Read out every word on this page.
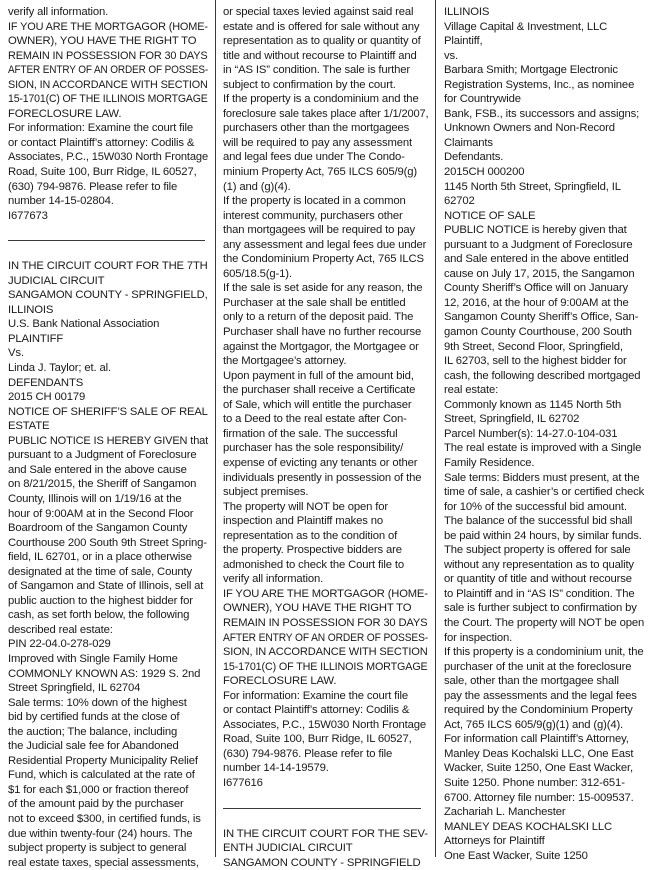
verify all information.
IF YOU ARE THE MORTGAGOR (HOME-
OWNER), YOU HAVE THE RIGHT TO
REMAIN IN POSSESSION FOR 30 DAYS
AFTER ENTRY OF AN ORDER OF POSSES-
SION, IN ACCORDANCE WITH SECTION
15-1701(C) OF THE ILLINOIS MORTGAGE
FORECLOSURE LAW.
For information: Examine the court file
or contact Plaintiff’s attorney: Codilis &
Associates, P.C., 15W030 North Frontage
Road, Suite 100, Burr Ridge, IL 60527,
(630) 794-9876. Please refer to file
number 14-15-02804.
I677673
IN THE CIRCUIT COURT FOR THE 7TH
JUDICIAL CIRCUIT
SANGAMON COUNTY - SPRINGFIELD,
ILLINOIS
U.S. Bank National Association
PLAINTIFF
Vs.
Linda J. Taylor; et. al.
DEFENDANTS
2015 CH 00179
NOTICE OF SHERIFF’S SALE OF REAL
ESTATE
PUBLIC NOTICE IS HEREBY GIVEN that
pursuant to a Judgment of Foreclosure
and Sale entered in the above cause
on 8/21/2015, the Sheriff of Sangamon
County, Illinois will on 1/19/16 at the
hour of 9:00AM at in the Second Floor
Boardroom of the Sangamon County
Courthouse 200 South 9th Street Spring-
field, IL 62701, or in a place otherwise
designated at the time of sale, County
of Sangamon and State of Illinois, sell at
public auction to the highest bidder for
cash, as set forth below, the following
described real estate:
PIN 22-04.0-278-029
Improved with Single Family Home
COMMONLY KNOWN AS: 1929 S. 2nd
Street Springfield, IL 62704
Sale terms: 10% down of the highest
bid by certified funds at the close of
the auction; The balance, including
the Judicial sale fee for Abandoned
Residential Property Municipality Relief
Fund, which is calculated at the rate of
$1 for each $1,000 or fraction thereof
of the amount paid by the purchaser
not to exceed $300, in certified funds, is
due within twenty-four (24) hours. The
subject property is subject to general
real estate taxes, special assessments,
or special taxes levied against said real
estate and is offered for sale without any
representation as to quality or quantity of
title and without recourse to Plaintiff and
in “AS IS” condition. The sale is further
subject to confirmation by the court.
If the property is a condominium and the
foreclosure sale takes place after 1/1/2007,
purchasers other than the mortgagees
will be required to pay any assessment
and legal fees due under The Condo-
minium Property Act, 765 ILCS 605/9(g)
(1) and (g)(4).
If the property is located in a common
interest community, purchasers other
than mortgagees will be required to pay
any assessment and legal fees due under
the Condominium Property Act, 765 ILCS
605/18.5(g-1).
If the sale is set aside for any reason, the
Purchaser at the sale shall be entitled
only to a return of the deposit paid. The
Purchaser shall have no further recourse
against the Mortgagor, the Mortgagee or
the Mortgagee’s attorney.
Upon payment in full of the amount bid,
the purchaser shall receive a Certificate
of Sale, which will entitle the purchaser
to a Deed to the real estate after Con-
firmation of the sale. The successful
purchaser has the sole responsibility/
expense of evicting any tenants or other
individuals presently in possession of the
subject premises.
The property will NOT be open for
inspection and Plaintiff makes no
representation as to the condition of
the property. Prospective bidders are
admonished to check the Court file to
verify all information.
IF YOU ARE THE MORTGAGOR (HOME-
OWNER), YOU HAVE THE RIGHT TO
REMAIN IN POSSESSION FOR 30 DAYS
AFTER ENTRY OF AN ORDER OF POSSES-
SION, IN ACCORDANCE WITH SECTION
15-1701(C) OF THE ILLINOIS MORTGAGE
FORECLOSURE LAW.
For information: Examine the court file
or contact Plaintiff’s attorney: Codilis &
Associates, P.C., 15W030 North Frontage
Road, Suite 100, Burr Ridge, IL 60527,
(630) 794-9876. Please refer to file
number 14-14-19579.
I677616
IN THE CIRCUIT COURT FOR THE SEV-
ENTH JUDICIAL CIRCUIT
SANGAMON COUNTY - SPRINGFIELD
ILLINOIS
Village Capital & Investment, LLC
Plaintiff,
vs.
Barbara Smith; Mortgage Electronic
Registration Systems, Inc., as nominee
for Countrywide
Bank, FSB., its successors and assigns;
Unknown Owners and Non-Record
Claimants
Defendants.
2015CH 000200
1145 North 5th Street, Springfield, IL
62702
NOTICE OF SALE
PUBLIC NOTICE is hereby given that
pursuant to a Judgment of Foreclosure
and Sale entered in the above entitled
cause on July 17, 2015, the Sangamon
County Sheriff’s Office will on January
12, 2016, at the hour of 9:00AM at the
Sangamon County Sheriff’s Office, San-
gamon County Courthouse, 200 South
9th Street, Second Floor, Springfield,
IL 62703, sell to the highest bidder for
cash, the following described mortgaged
real estate:
Commonly known as 1145 North 5th
Street, Springfield, IL 62702
Parcel Number(s): 14-27.0-104-031
The real estate is improved with a Single
Family Residence.
Sale terms: Bidders must present, at the
time of sale, a cashier’s or certified check
for 10% of the successful bid amount.
The balance of the successful bid shall
be paid within 24 hours, by similar funds.
The subject property is offered for sale
without any representation as to quality
or quantity of title and without recourse
to Plaintiff and in “AS IS” condition. The
sale is further subject to confirmation by
the Court. The property will NOT be open
for inspection.
If this property is a condominium unit, the
purchaser of the unit at the foreclosure
sale, other than the mortgagee shall
pay the assessments and the legal fees
required by the Condominium Property
Act, 765 ILCS 605/9(g)(1) and (g)(4).
For information call Plaintiff’s Attorney,
Manley Deas Kochalski LLC, One East
Wacker, Suite 1250, One East Wacker,
Suite 1250. Phone number: 312-651-
6700. Attorney file number: 15-009537.
Zachariah L. Manchester
MANLEY DEAS KOCHALSKI LLC
Attorneys for Plaintiff
One East Wacker, Suite 1250
